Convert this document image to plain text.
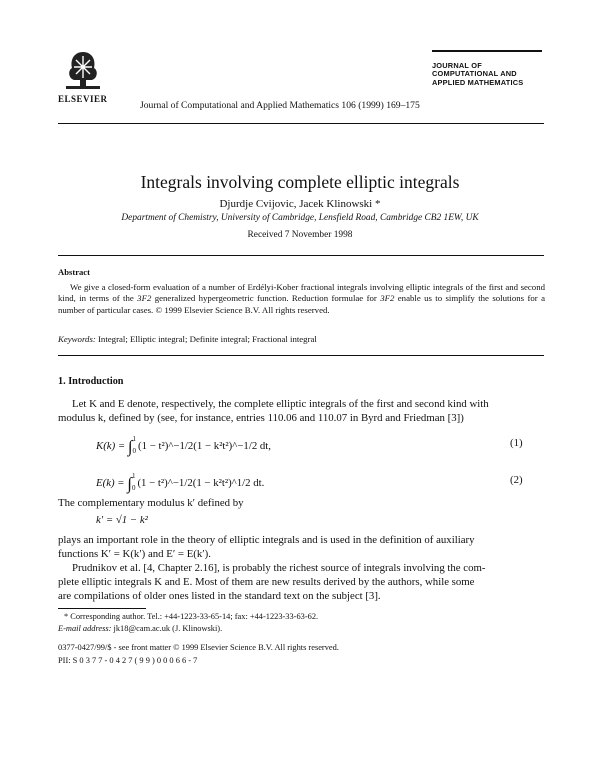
ELSEVIER
Journal of Computational and Applied Mathematics 106 (1999) 169–175
JOURNAL OF
COMPUTATIONAL AND
APPLIED MATHEMATICS
Integrals involving complete elliptic integrals
Djurdje Cvijovic, Jacek Klinowski *
Department of Chemistry, University of Cambridge, Lensfield Road, Cambridge CB2 1EW, UK
Received 7 November 1998
Abstract
We give a closed-form evaluation of a number of Erdélyi-Kober fractional integrals involving elliptic integrals of the first and second kind, in terms of the 3F2 generalized hypergeometric function. Reduction formulae for 3F2 enable us to simplify the solutions for a number of particular cases. © 1999 Elsevier Science B.V. All rights reserved.
Keywords: Integral; Elliptic integral; Definite integral; Fractional integral
1. Introduction
Let K and E denote, respectively, the complete elliptic integrals of the first and second kind with
modulus k, defined by (see, for instance, entries 110.06 and 110.07 in Byrd and Friedman [3])
K(k) = ∫ 1
0 (1 − t²)^−1/2(1 − k²t²)^−1/2 dt,	(1)
E(k) = ∫ 1
0 (1 − t²)^−1/2(1 − k²t²)^1/2 dt.	(2)
The complementary modulus k′ defined by
k′ = √1 − k²
plays an important role in the theory of elliptic integrals and is used in the definition of auxiliary
functions K′ = K(k′) and E′ = E(k′).
Prudnikov et al. [4, Chapter 2.16], is probably the richest source of integrals involving the com-
plete elliptic integrals K and E. Most of them are new results derived by the authors, while some
are compilations of older ones listed in the standard text on the subject [3].
* Corresponding author. Tel.: +44-1223-33-65-14; fax: +44-1223-33-63-62.
E-mail address: jk18@cam.ac.uk (J. Klinowski).
0377-0427/99/$ - see front matter © 1999 Elsevier Science B.V. All rights reserved.
PII: S 0 3 7 7 - 0 4 2 7 ( 9 9 ) 0 0 0 6 6 - 7
